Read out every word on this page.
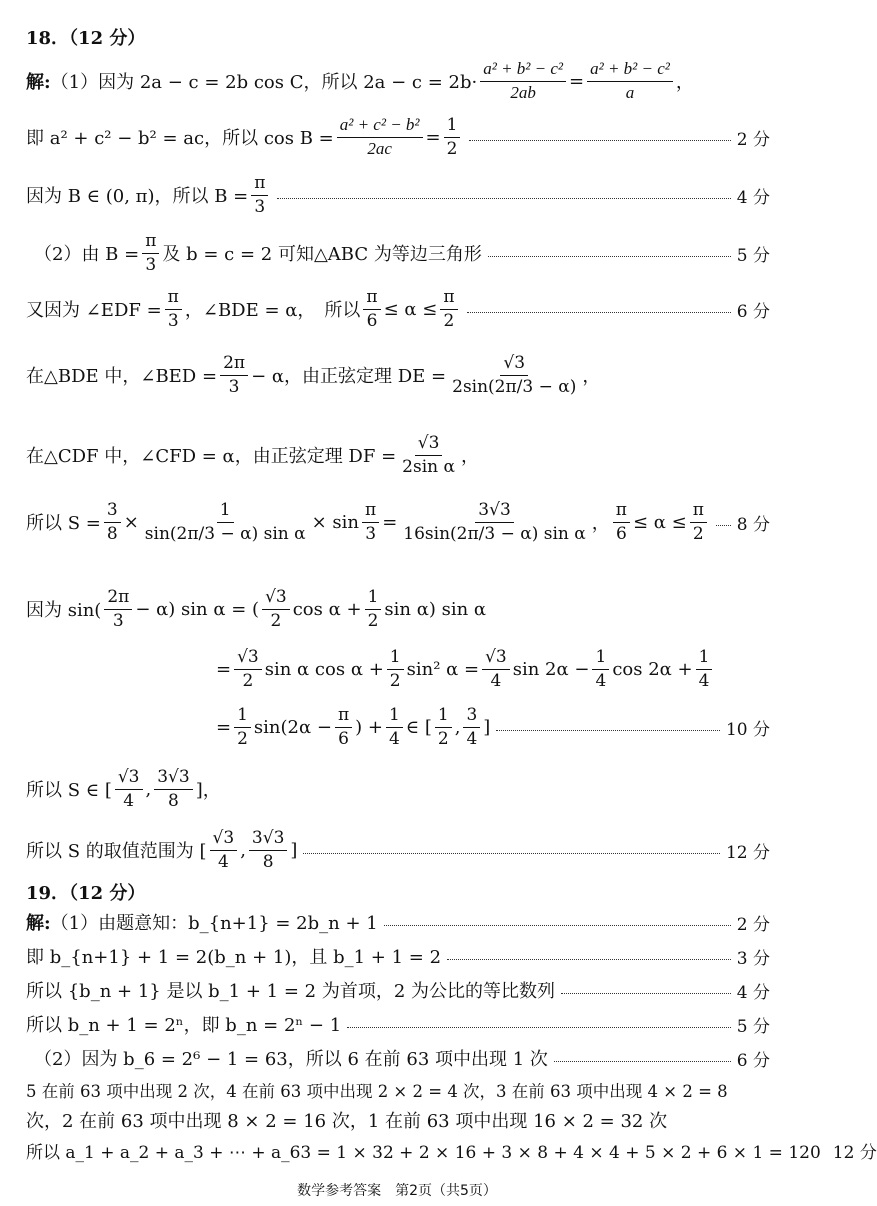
18．（12 分）
解: （1）因为 2a − c = 2b cos C，所以 $2a - c = 2b\cdot \frac{\text{a² + b² − c²}}{2ab} = \frac{\text{a² + b² − c²}}{a}$ ，
即 a² + c² − b² = ac，所以 $\cos B = \frac{\text{a² + c² − b²}}{2ac} = \frac{1}{2}$	2 分
因为 B ∈ (0, π)，所以 $B = \frac{\pi}{3}$	4 分
（2）由 $B = \frac{\pi}{3}$ 及 b = c = 2 可知△ABC 为等边三角形	5 分
又因为 ∠EDF = $\frac{\pi}{3}$ ，∠BDE = α，　所以 $\frac{\pi}{6} \le \alpha \le \frac{\pi}{2}$	6 分
在△BDE 中，∠BED = $\frac{2\pi}{3} - \alpha$，由正弦定理 DE = $\frac{√3}{2\sin(2\pi/3 - \alpha)}$ ，
在△CDF 中，∠CFD = α，由正弦定理 DF = $\frac{√3}{\text{2sin α}}$ ，
所以 $S = \frac{3}{8} \times \frac{1}{\text{sin(2π/3 − α) sin α}} \times \sin \frac{\pi}{3} = \frac{3√3}{\text{16sin(2π/3 − α) sin α}}$ ， $\frac{\pi}{6} \le \alpha \le \frac{\pi}{2} 8$ 分
因为 $\sin( \frac{2\pi}{3} - \alpha)$ sin α = ( $\frac{√3}{2}$ $\cos \alpha + \frac{1}{2}$ sin α) sin α
= $\frac{√3}{2}$ sin α $\cos \alpha + \frac{1}{2} \sin^2$ $\alpha = \frac{√3}{4}$ $\sin 2\alpha - \frac{1}{4}$ $\cos 2\alpha + \frac{1}{4}$
= $\frac{1}{2} \sin(2\alpha - \frac{\pi}{6}$ ) + $\frac{1}{4}$ ∈ [ $\frac{1}{2}$ , $\frac{3}{4}$ ]	10 分
所以 S ∈ [ $\frac{√3}{4}$ , $\frac{3√3}{8}$ ]，
所以 S 的取值范围为 [ $\frac{√3}{4}$ , $\frac{3√3}{8}$ ]	12 分
19．（12 分）
解: （1）由题意知：b_{n+1} = 2b_n + 1	2 分
即 b_{n+1} + 1 = 2(b_n + 1)，且 b_1 + 1 = 2	3 分
所以 {b_n + 1} 是以 b_1 + 1 = 2 为首项，2 为公比的等比数列	4 分
所以 b_n + 1 = 2ⁿ，即 b_n = 2ⁿ − 1	5 分
（2）因为 b_6 = 2⁶ − 1 = 63，所以 6 在前 63 项中出现 1 次	6 分
5 在前 63 项中出现 2 次，4 在前 63 项中出现 2 × 2 = 4 次，3 在前 63 项中出现 4 × 2 = 8
次，2 在前 63 项中出现 8 × 2 = 16 次，1 在前 63 项中出现 16 × 2 = 32 次
所以 a_1 + a_2 + a_3 + ⋯ + a_63 = 1 × 32 + 2 × 16 + 3 × 8 + 4 × 4 + 5 × 2 + 6 × 1 = 120 12 分
数学参考答案　第2页（共5页）
